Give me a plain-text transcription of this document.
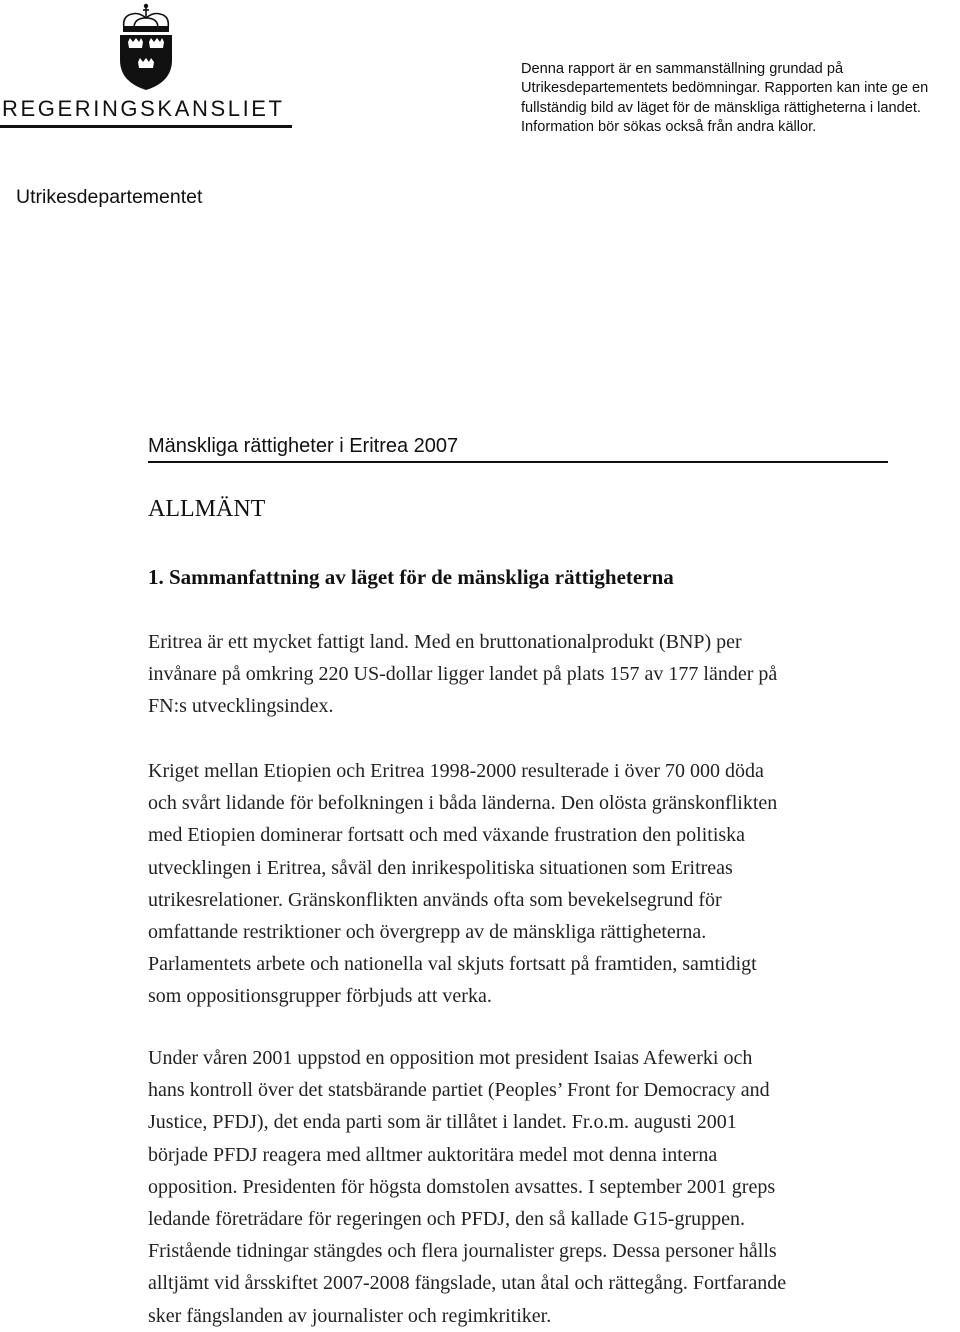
REGERINGSKANSLIET
Denna rapport är en sammanställning grundad på
Utrikesdepartementets bedömningar. Rapporten kan inte ge en
fullständig bild av läget för de mänskliga rättigheterna i landet.
Information bör sökas också från andra källor.
Utrikesdepartementet
Mänskliga rättigheter i Eritrea 2007
ALLMÄNT
1. Sammanfattning av läget för de mänskliga rättigheterna
Eritrea är ett mycket fattigt land. Med en bruttonationalprodukt (BNP) per
invånare på omkring 220 US-dollar ligger landet på plats 157 av 177 länder på
FN:s utvecklingsindex.
Kriget mellan Etiopien och Eritrea 1998-2000 resulterade i över 70 000 döda
och svårt lidande för befolkningen i båda länderna. Den olösta gränskonflikten
med Etiopien dominerar fortsatt och med växande frustration den politiska
utvecklingen i Eritrea, såväl den inrikespolitiska situationen som Eritreas
utrikesrelationer. Gränskonflikten används ofta som bevekelsegrund för
omfattande restriktioner och övergrepp av de mänskliga rättigheterna.
Parlamentets arbete och nationella val skjuts fortsatt på framtiden, samtidigt
som oppositionsgrupper förbjuds att verka.
Under våren 2001 uppstod en opposition mot president Isaias Afewerki och
hans kontroll över det statsbärande partiet (Peoples’ Front for Democracy and
Justice, PFDJ), det enda parti som är tillåtet i landet. Fr.o.m. augusti 2001
började PFDJ reagera med alltmer auktoritära medel mot denna interna
opposition. Presidenten för högsta domstolen avsattes. I september 2001 greps
ledande företrädare för regeringen och PFDJ, den så kallade G15-gruppen.
Fristående tidningar stängdes och flera journalister greps. Dessa personer hålls
alltjämt vid årsskiftet 2007-2008 fängslade, utan åtal och rättegång. Fortfarande
sker fängslanden av journalister och regimkritiker.
